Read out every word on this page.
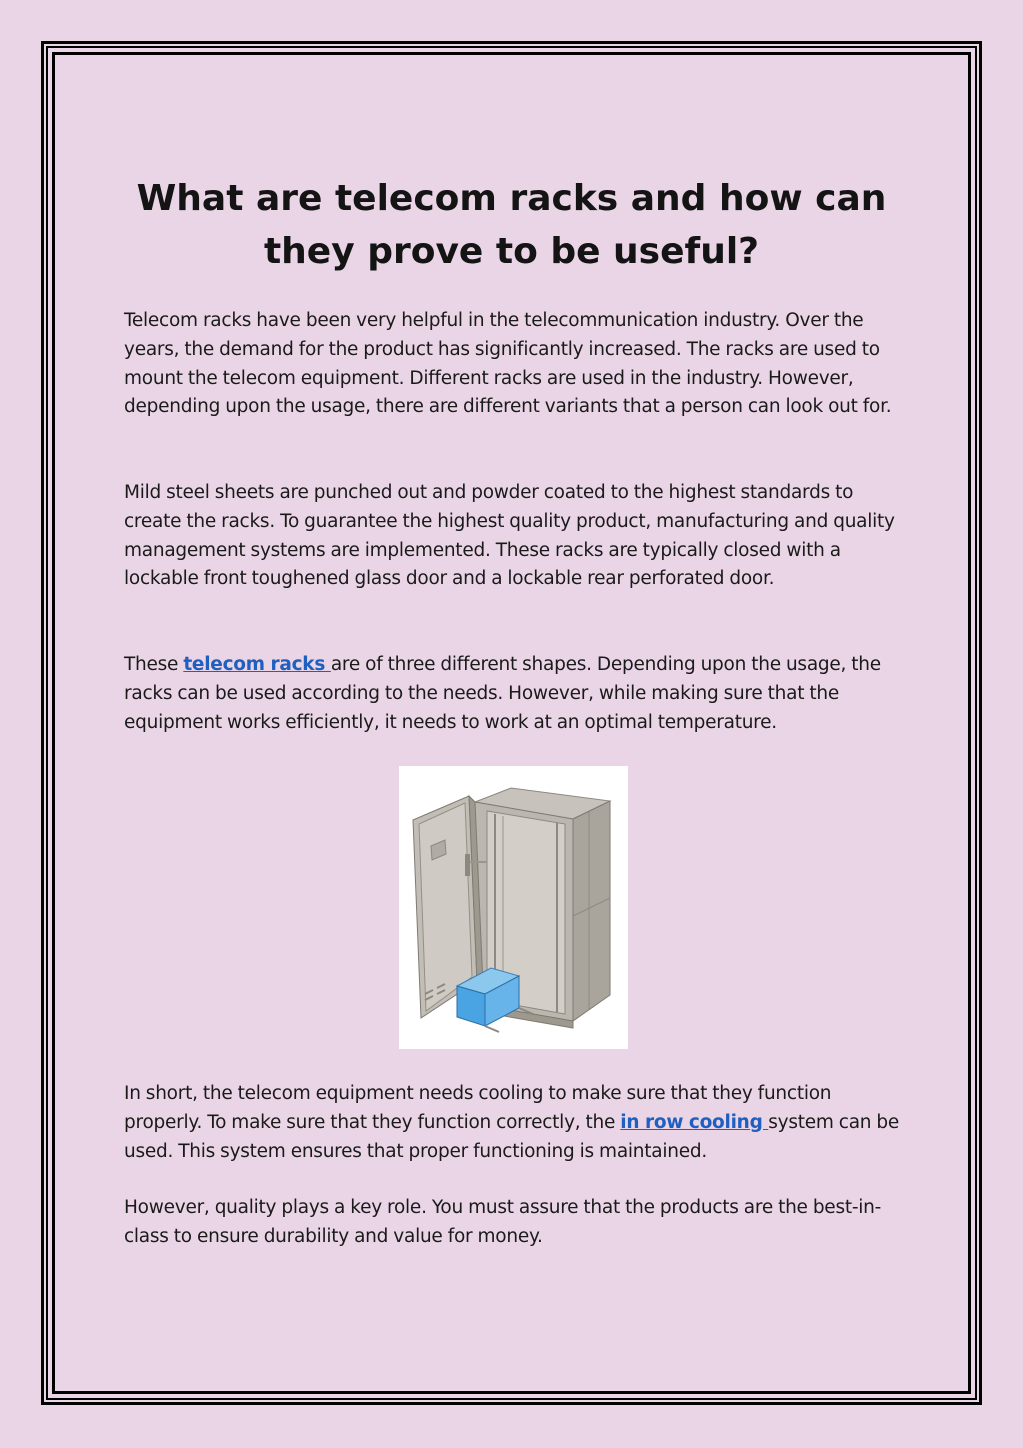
What are telecom racks and how can
they prove to be useful?

Telecom racks have been very helpful in the telecommunication industry. Over the years, the demand for the product has significantly increased. The racks are used to mount the telecom equipment. Different racks are used in the industry. However, depending upon the usage, there are different variants that a person can look out for.

Mild steel sheets are punched out and powder coated to the highest standards to create the racks. To guarantee the highest quality product, manufacturing and quality management systems are implemented. These racks are typically closed with a lockable front toughened glass door and a lockable rear perforated door.

These telecom racks are of three different shapes. Depending upon the usage, the racks can be used according to the needs. However, while making sure that the equipment works efficiently, it needs to work at an optimal temperature.

In short, the telecom equipment needs cooling to make sure that they function properly. To make sure that they function correctly, the in row cooling system can be used. This system ensures that proper functioning is maintained.

However, quality plays a key role. You must assure that the products are the best-in-class to ensure durability and value for money.
